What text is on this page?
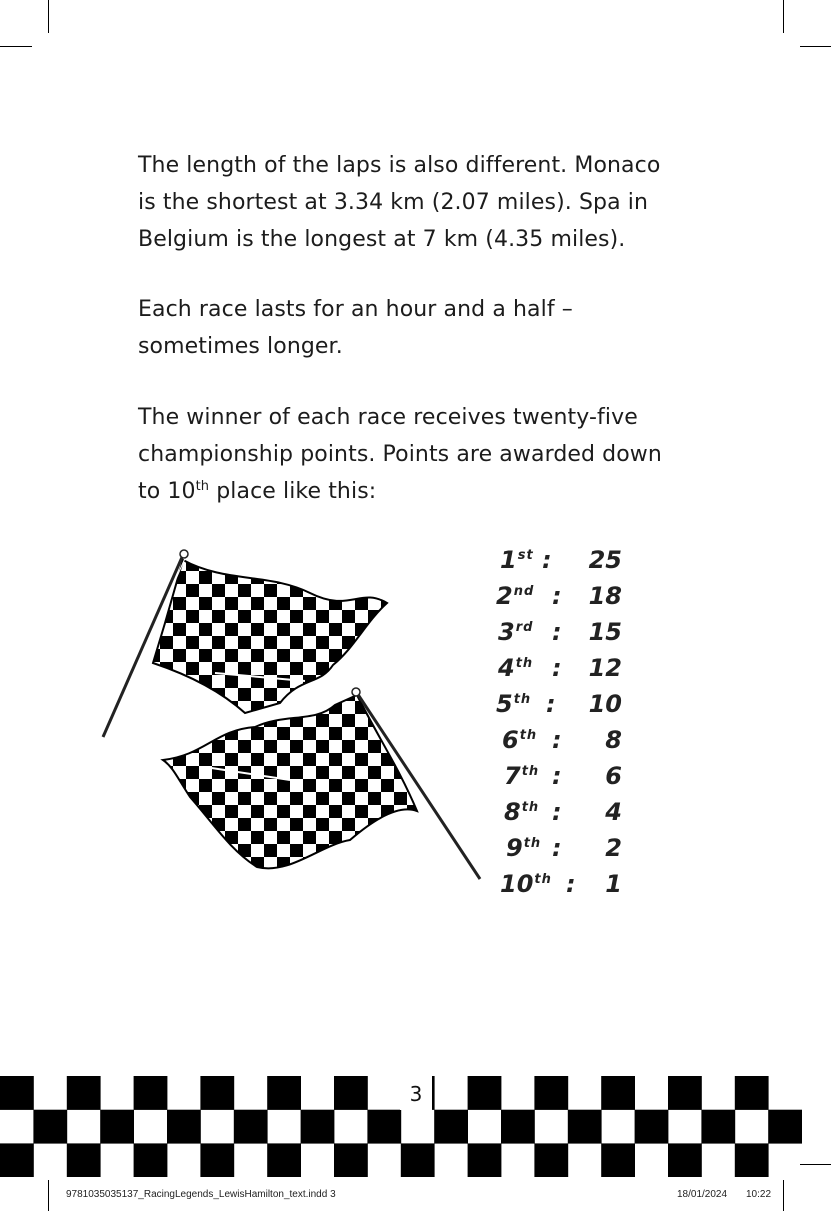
The length of the laps is also different. Monaco
is the shortest at 3.34 km (2.07 miles). Spa in
Belgium is the longest at 7 km (4.35 miles).
Each race lasts for an hour and a half –
sometimes longer.
The winner of each race receives twenty-five
championship points. Points are awarded down
to 10th place like this:
1st : 25
2nd : 18
3rd : 15
4th : 12
5th : 10
6th : 8
7th : 6
8th : 4
9th : 2
10th : 1
3
9781035035137_RacingLegends_LewisHamilton_text.indd 3	18/01/2024 10:22
